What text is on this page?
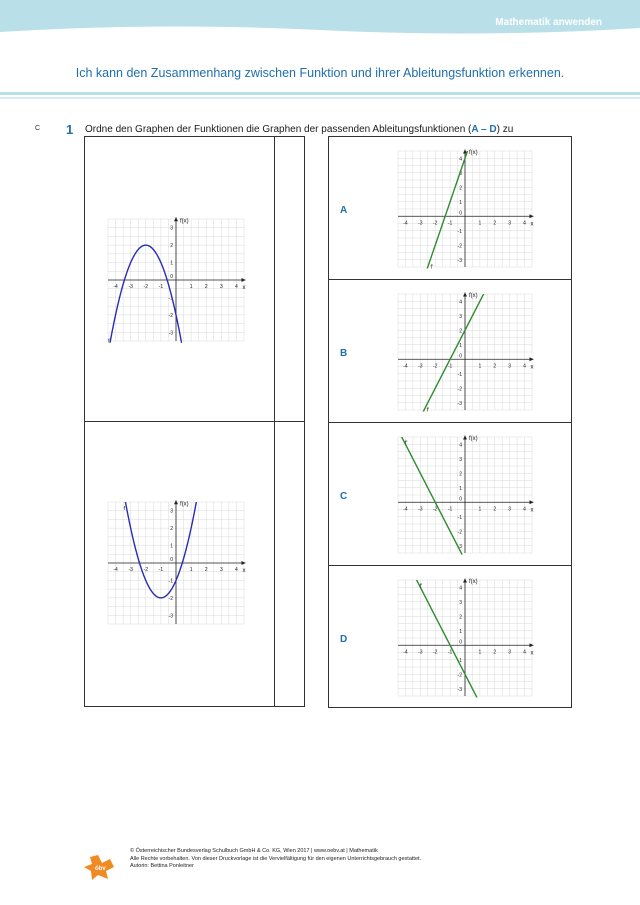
Mathematik anwenden
Ich kann den Zusammenhang zwischen Funktion und ihrer Ableitungsfunktion erkennen.
C 1 Ordne den Graphen der Funktionen die Graphen der passenden Ableitungsfunktionen (A – D) zu
A
B
C
D
-4 -3 -2 -1	1 2 3 4
-3
-2
-1
1
2
3
0
x
f(x)
f
-4 -3 -2 -1	1 2 3 4
-3
-2
-1
1
2
3
0
x
f(x)
f
-4 -3 -2 -1	1 2 3 4
-3
-2
-1
1
2
3
4
0
x
f(x)
f'
-4 -3 -2 -1	1 2 3 4
-3
-2
-1
1
2
3
4
0
x
f(x)
f'
-4 -3 -2 -1	1 2 3 4
-3
-2
-1
1
2
3
4
0
x
f(x)
f'
-4 -3 -2 -1	1 2 3 4
-3
-2
-1
1
2
3
4
0
x
f(x)
f'
öbv
© Österreichischer Bundesverlag Schulbuch GmbH & Co. KG, Wien 2017 | www.oebv.at | Mathematik
Alle Rechte vorbehalten. Von dieser Druckvorlage ist die Vervielfältigung für den eigenen Unterrichtsgebrauch gestattet.
Autorin: Bettina Ponleitner
